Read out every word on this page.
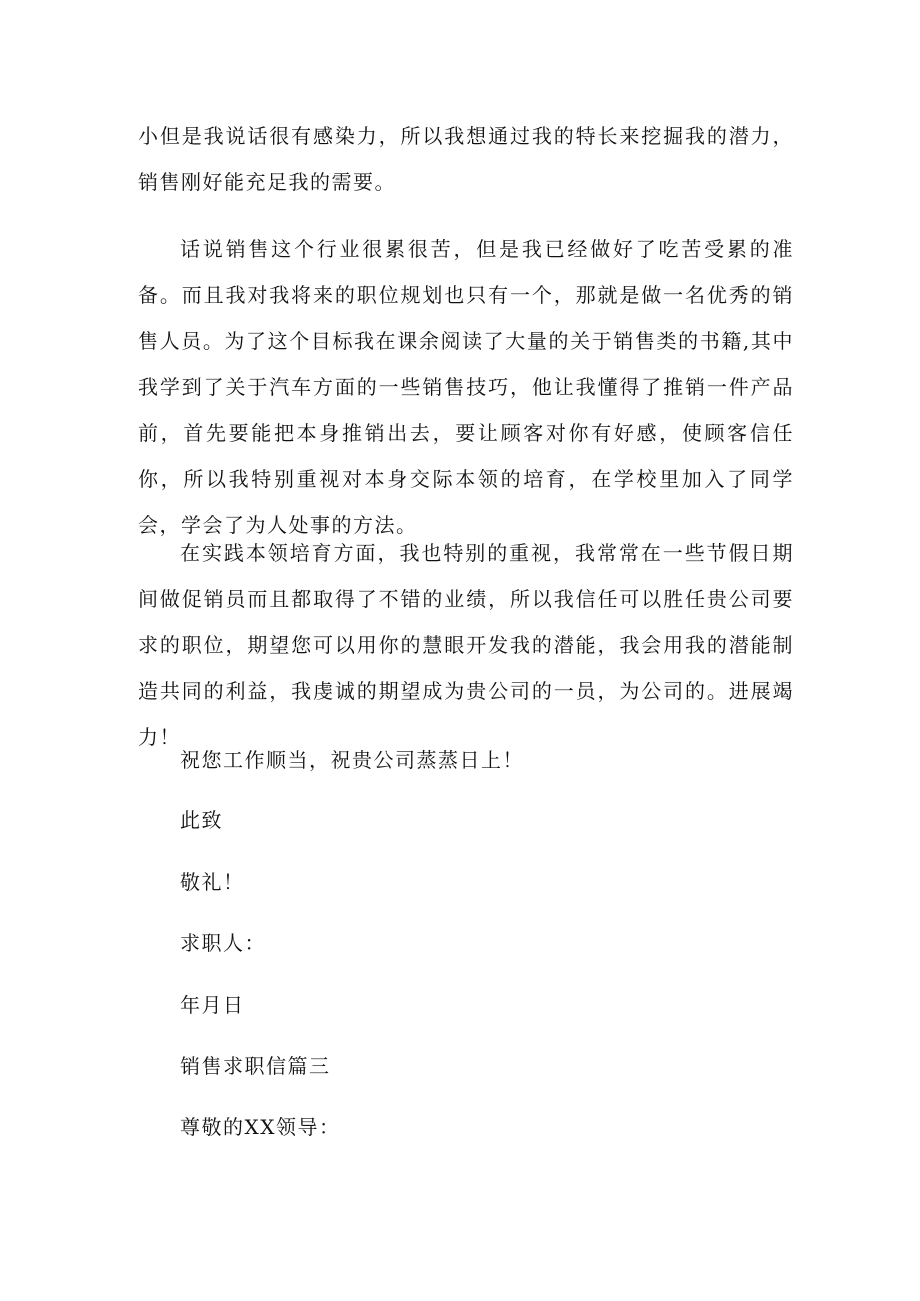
小但是我说话很有感染力，所以我想通过我的特长来挖掘我的潜力，销售刚好能充足我的需要。

话说销售这个行业很累很苦，但是我已经做好了吃苦受累的准备。而且我对我将来的职位规划也只有一个，那就是做一名优秀的销售人员。为了这个目标我在课余阅读了大量的关于销售类的书籍,其中我学到了关于汽车方面的一些销售技巧，他让我懂得了推销一件产品前，首先要能把本身推销出去，要让顾客对你有好感，使顾客信任你，所以我特别重视对本身交际本领的培育，在学校里加入了同学会，学会了为人处事的方法。

在实践本领培育方面，我也特别的重视，我常常在一些节假日期间做促销员而且都取得了不错的业绩，所以我信任可以胜任贵公司要求的职位，期望您可以用你的慧眼开发我的潜能，我会用我的潜能制造共同的利益，我虔诚的期望成为贵公司的一员，为公司的。进展竭力！

祝您工作顺当，祝贵公司蒸蒸日上！

此致

敬礼！

求职人：

年月日

销售求职信篇三

尊敬的XX领导：
